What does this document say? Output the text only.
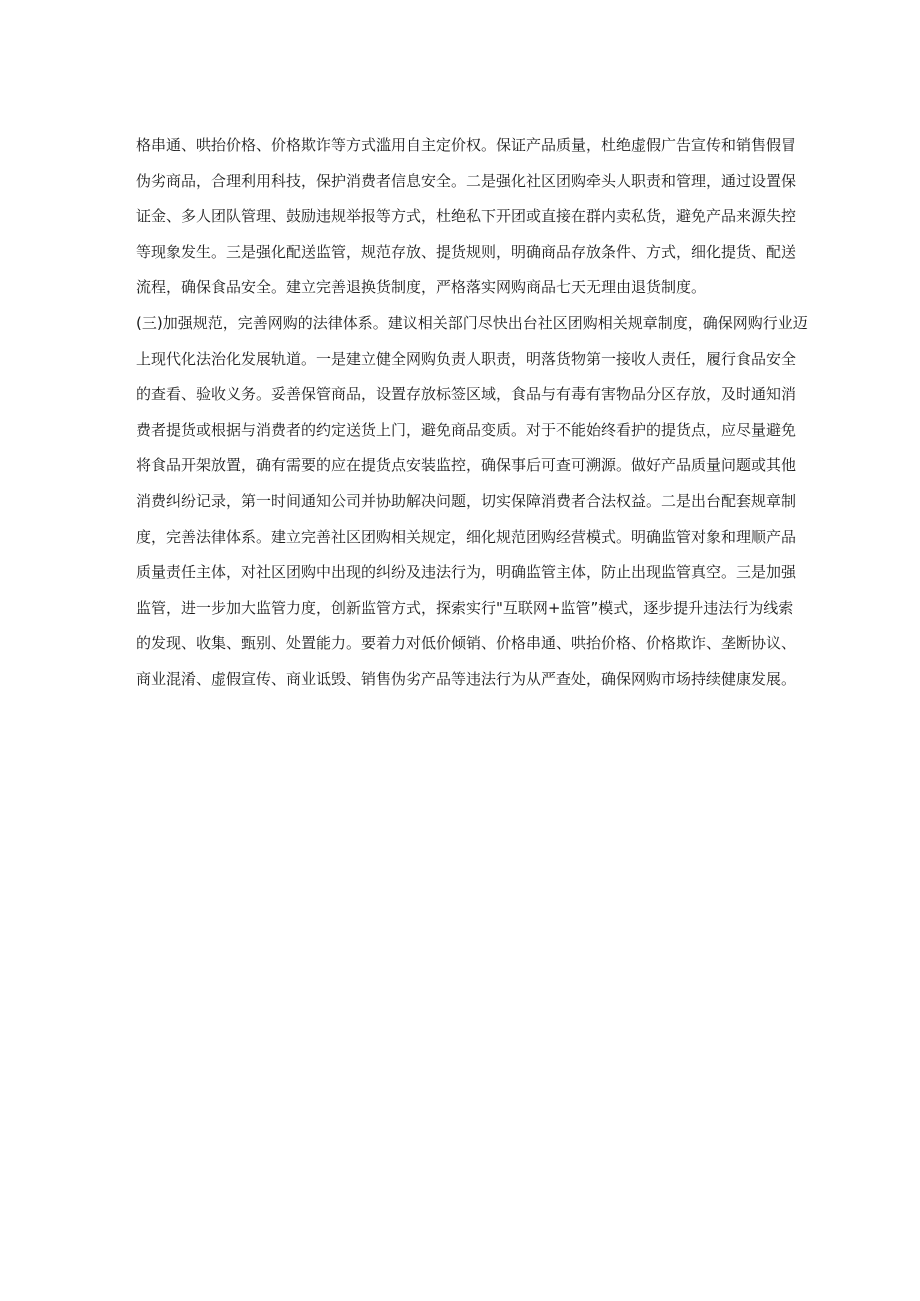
格串通、哄抬价格、价格欺诈等方式滥用自主定价权。保证产品质量，杜绝虚假广告宣传和销售假冒
伪劣商品，合理利用科技，保护消费者信息安全。二是强化社区团购牵头人职责和管理，通过设置保
证金、多人团队管理、鼓励违规举报等方式，杜绝私下开团或直接在群内卖私货，避免产品来源失控
等现象发生。三是强化配送监管，规范存放、提货规则，明确商品存放条件、方式，细化提货、配送
流程，确保食品安全。建立完善退换货制度，严格落实网购商品七天无理由退货制度。
(三)加强规范，完善网购的法律体系。建议相关部门尽快出台社区团购相关规章制度，确保网购行业迈
上现代化法治化发展轨道。一是建立健全网购负责人职责，明落货物第一接收人责任，履行食品安全
的查看、验收义务。妥善保管商品，设置存放标签区域，食品与有毒有害物品分区存放，及时通知消
费者提货或根据与消费者的约定送货上门，避免商品变质。对于不能始终看护的提货点，应尽量避免
将食品开架放置，确有需要的应在提货点安装监控，确保事后可查可溯源。做好产品质量问题或其他
消费纠纷记录，第一时间通知公司并协助解决问题，切实保障消费者合法权益。二是出台配套规章制
度，完善法律体系。建立完善社区团购相关规定，细化规范团购经营模式。明确监管对象和理顺产品
质量责任主体，对社区团购中出现的纠纷及违法行为，明确监管主体，防止出现监管真空。三是加强
监管，进一步加大监管力度，创新监管方式，探索实行"互联网+监管”模式，逐步提升违法行为线索
的发现、收集、甄别、处置能力。要着力对低价倾销、价格串通、哄抬价格、价格欺诈、垄断协议、
商业混淆、虚假宣传、商业诋毁、销售伪劣产品等违法行为从严查处，确保网购市场持续健康发展。
